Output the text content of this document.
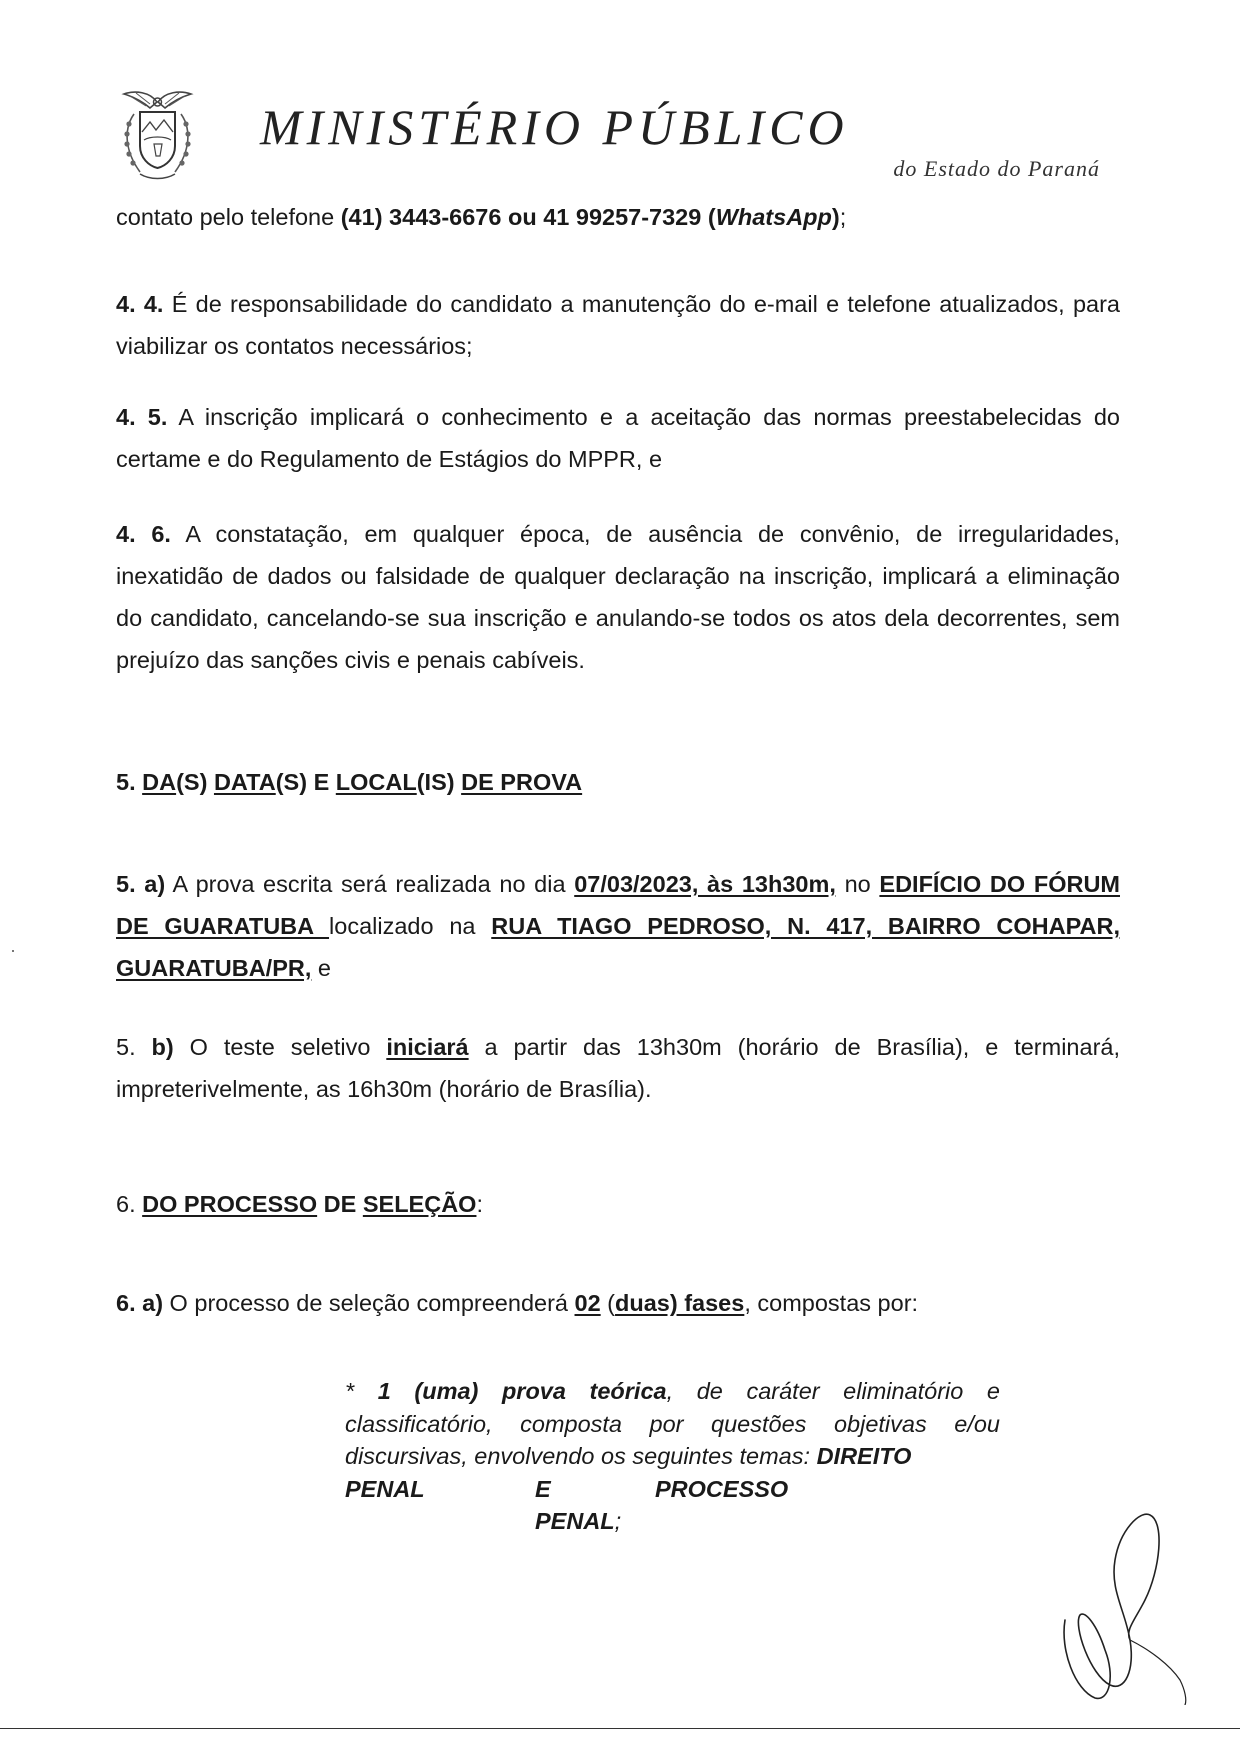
MINISTÉRIO PÚBLICO
do Estado do Paraná
contato pelo telefone (41) 3443-6676 ou 41 99257-7329 (WhatsApp);
4. 4. É de responsabilidade do candidato a manutenção do e-mail e telefone atualizados, para viabilizar os contatos necessários;
4. 5. A inscrição implicará o conhecimento e a aceitação das normas preestabelecidas do certame e do Regulamento de Estágios do MPPR, e
4. 6. A constatação, em qualquer época, de ausência de convênio, de irregularidades, inexatidão de dados ou falsidade de qualquer declaração na inscrição, implicará a eliminação do candidato, cancelando-se sua inscrição e anulando-se todos os atos dela decorrentes, sem prejuízo das sanções civis e penais cabíveis.
5. DA(S) DATA(S) E LOCAL(IS) DE PROVA
5. a) A prova escrita será realizada no dia 07/03/2023, às 13h30m, no EDIFÍCIO DO FÓRUM DE GUARATUBA localizado na RUA TIAGO PEDROSO, N. 417, BAIRRO COHAPAR, GUARATUBA/PR, e
5. b) O teste seletivo iniciará a partir das 13h30m (horário de Brasília), e terminará, impreterivelmente, as 16h30m (horário de Brasília).
6. DO PROCESSO DE SELEÇÃO:
6. a) O processo de seleção compreenderá 02 (duas) fases, compostas por:
* 1 (uma) prova teórica, de caráter eliminatório e classificatório, composta por questões objetivas e/ou discursivas, envolvendo os seguintes temas: DIREITO
PENAL	E	PROCESSO
PENAL;
